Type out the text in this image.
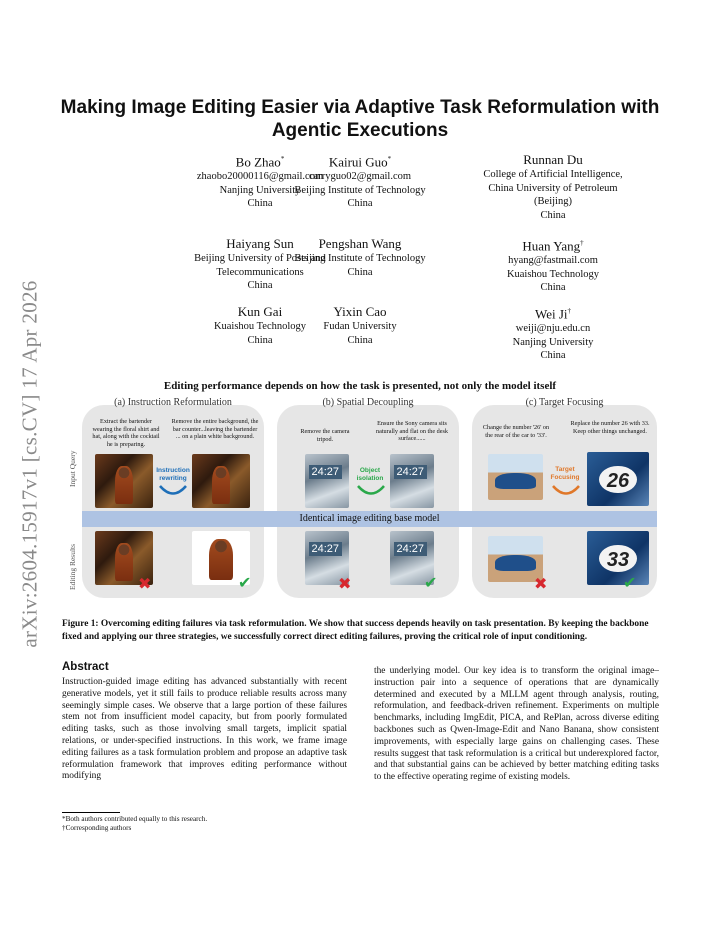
arXiv:2604.15917v1 [cs.CV] 17 Apr 2026
Making Image Editing Easier via Adaptive Task Reformulation with Agentic Executions
Bo Zhao*
zhaobo20000116@gmail.com
Nanjing University
China
Kairui Guo*
carryguo02@gmail.com
Beijing Institute of Technology
China
Runnan Du
College of Artificial Intelligence,
China University of Petroleum
(Beijing)
China
Haiyang Sun
Beijing University of Posts and
Telecommunications
China
Pengshan Wang
Beijing Institute of Technology
China
Huan Yang†
hyang@fastmail.com
Kuaishou Technology
China
Kun Gai
Kuaishou Technology
China
Yixin Cao
Fudan University
China
Wei Ji†
weiji@nju.edu.cn
Nanjing University
China
Editing performance depends on how the task is presented, not only the model itself
(a) Instruction Reformulation	(b) Spatial Decoupling	(c) Target Focusing
Input Query
Editing Results
Extract the bartender wearing the floral shirt and hat, along with the cocktail he is preparing.
Remove the entire background, the bar counter...leaving the bartender ... on a plain white background.
Instruction rewriting
✖	✔
Remove the camera tripod.
Ensure the Sony camera sits naturally and flat on the desk surface......
24:27
24:27
Object isolation
24:27
24:27
✖	✔
Change the number '26' on the rear of the car to '33'.
Replace the number 26 with 33. Keep other things unchanged.
26
Target Focusing
33
✖	✔
Identical image editing base model
Figure 1: Overcoming editing failures via task reformulation. We show that success depends heavily on task presentation. By keeping the backbone fixed and applying our three strategies, we successfully correct direct editing failures, proving the critical role of input conditioning.
Abstract
Instruction-guided image editing has advanced substantially with recent generative models, yet it still fails to produce reliable results across many seemingly simple cases. We observe that a large portion of these failures stem not from insufficient model capacity, but from poorly formulated editing tasks, such as those involving small targets, implicit spatial relations, or under-specified instructions. In this work, we frame image editing failures as a task formulation problem and propose an adaptive task reformulation framework that improves editing performance without modifying
the underlying model. Our key idea is to transform the original image–instruction pair into a sequence of operations that are dynamically determined and executed by a MLLM agent through analysis, routing, reformulation, and feedback-driven refinement. Experiments on multiple benchmarks, including ImgEdit, PICA, and RePlan, across diverse editing backbones such as Qwen-Image-Edit and Nano Banana, show consistent improvements, with especially large gains on challenging cases. These results suggest that task reformulation is a critical but underexplored factor, and that substantial gains can be achieved by better matching editing tasks to the effective operating regime of existing models.
*Both authors contributed equally to this research.
†Corresponding authors
